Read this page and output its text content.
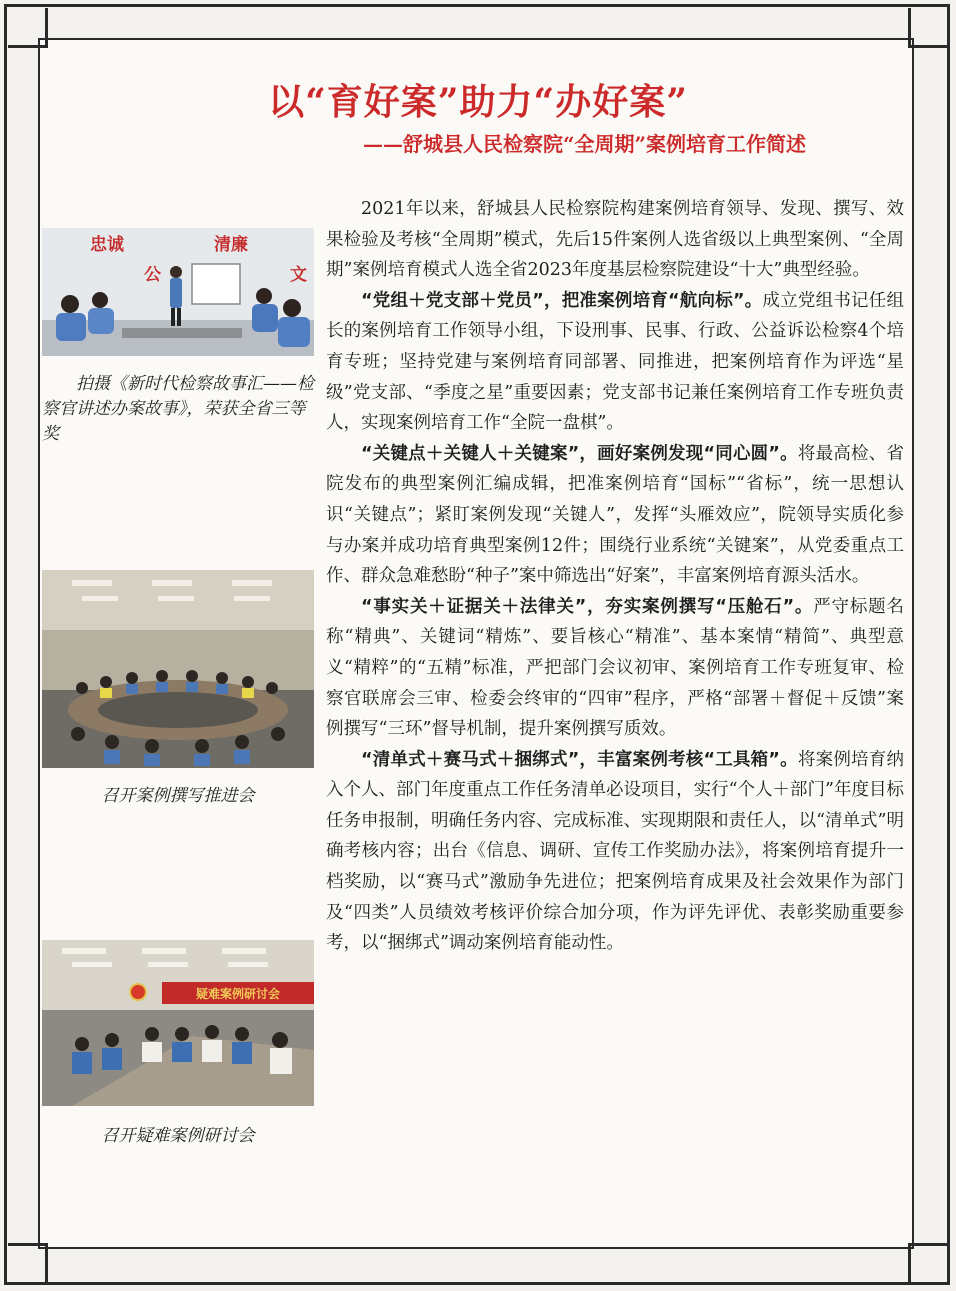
以“育好案”助力“办好案”
——舒城县人民检察院“全周期”案例培育工作简述
忠诚	清廉
公	文
拍摄《新时代检察故事汇——检察官讲述办案故事》，荣获全省三等奖
召开案例撰写推进会
疑难案例研讨会
召开疑难案例研讨会

2021年以来，舒城县人民检察院构建案例培育领导、发现、撰写、效果检验及考核“全周期”模式，先后15件案例人选省级以上典型案例、“全周期”案例培育模式人选全省2023年度基层检察院建设“十大”典型经验。

“党组＋党支部＋党员”，把准案例培育“航向标”。成立党组书记任组长的案例培育工作领导小组，下设刑事、民事、行政、公益诉讼检察4个培育专班；坚持党建与案例培育同部署、同推进，把案例培育作为评选“星级”党支部、“季度之星”重要因素；党支部书记兼任案例培育工作专班负责人，实现案例培育工作“全院一盘棋”。

“关键点＋关键人＋关键案”，画好案例发现“同心圆”。将最高检、省院发布的典型案例汇编成辑，把准案例培育“国标”“省标”，统一思想认识“关键点”；紧盯案例发现“关键人”，发挥“头雁效应”，院领导实质化参与办案并成功培育典型案例12件；围绕行业系统“关键案”，从党委重点工作、群众急难愁盼“种子”案中筛选出“好案”，丰富案例培育源头活水。

“事实关＋证据关＋法律关”，夯实案例撰写“压舱石”。严守标题名称“精典”、关键词“精炼”、要旨核心“精准”、基本案情“精简”、典型意义“精粹”的“五精”标准，严把部门会议初审、案例培育工作专班复审、检察官联席会三审、检委会终审的“四审”程序，严格“部署＋督促＋反馈”案例撰写“三环”督导机制，提升案例撰写质效。

“清单式＋赛马式＋捆绑式”，丰富案例考核“工具箱”。将案例培育纳入个人、部门年度重点工作任务清单必设项目，实行“个人＋部门”年度目标任务申报制，明确任务内容、完成标准、实现期限和责任人，以“清单式”明确考核内容；出台《信息、调研、宣传工作奖励办法》，将案例培育提升一档奖励，以“赛马式”激励争先进位；把案例培育成果及社会效果作为部门及“四类”人员绩效考核评价综合加分项，作为评先评优、表彰奖励重要参考，以“捆绑式”调动案例培育能动性。
